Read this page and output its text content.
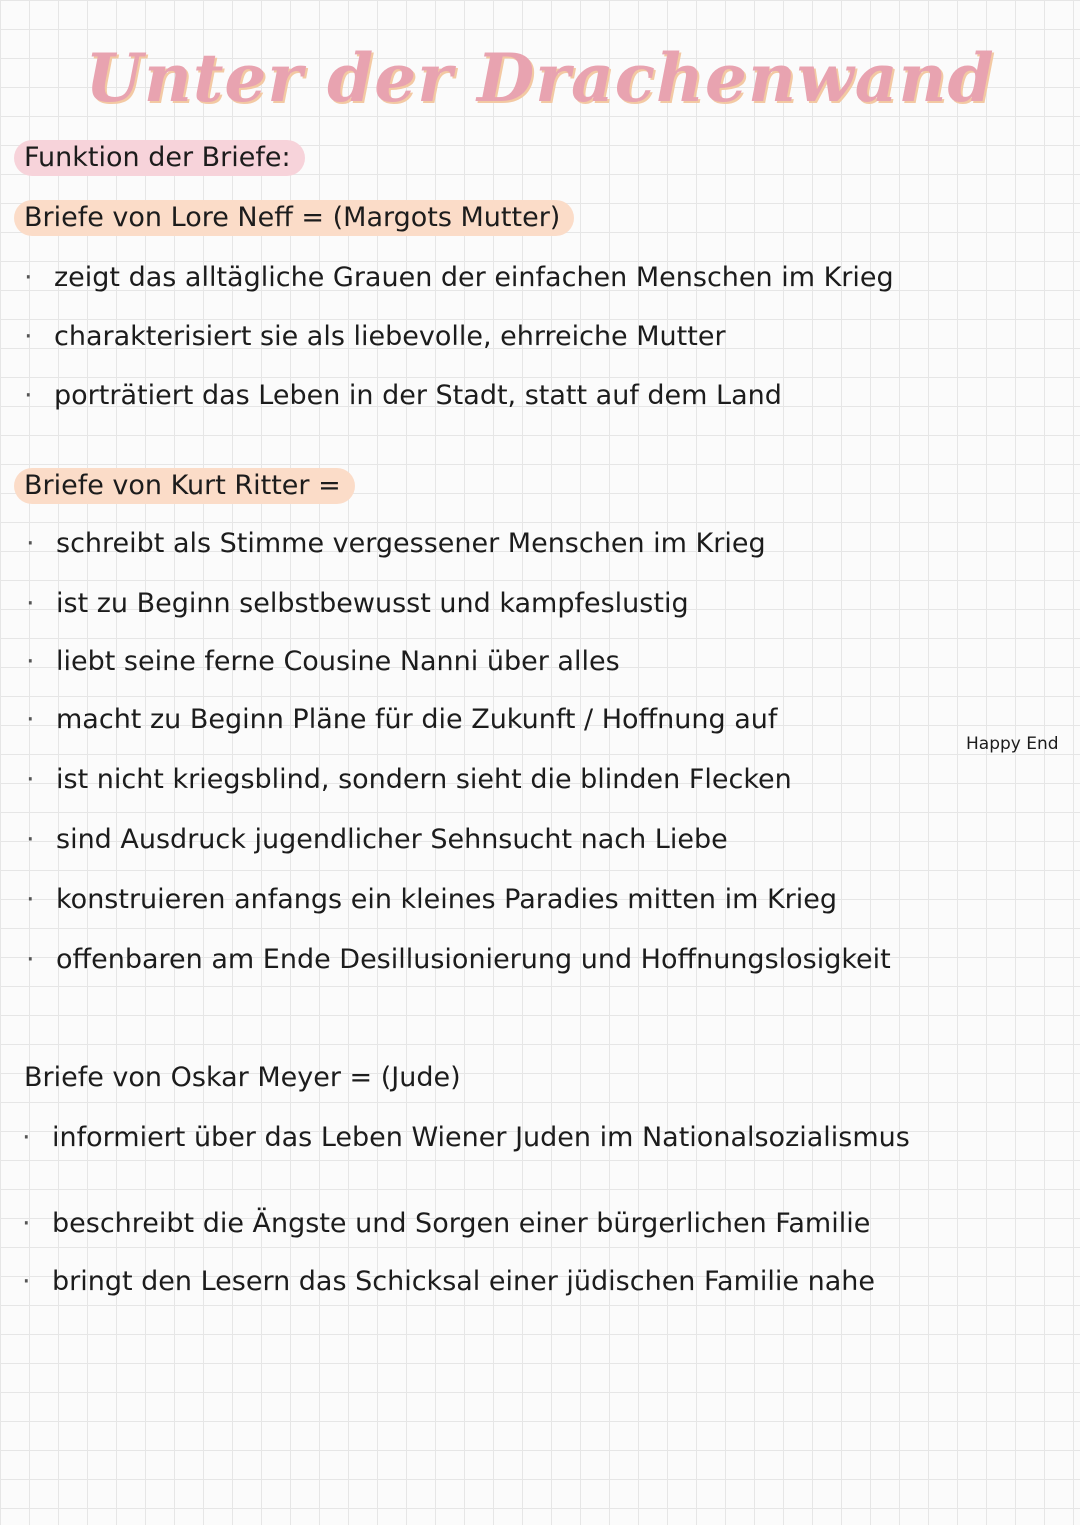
Unter der Drachenwand
Funktion der Briefe:
Briefe von Lore Neff = (Margots Mutter)
· zeigt das alltägliche Grauen der einfachen Menschen im Krieg
· charakterisiert sie als liebevolle, ehrreiche Mutter
· porträtiert das Leben in der Stadt, statt auf dem Land
Briefe von Kurt Ritter =
· schreibt als Stimme vergessener Menschen im Krieg
· ist zu Beginn selbstbewusst und kampfeslustig
· liebt seine ferne Cousine Nanni über alles
· macht zu Beginn Pläne für die Zukunft / Hoffnung auf
Happy End
· ist nicht kriegsblind, sondern sieht die blinden Flecken
· sind Ausdruck jugendlicher Sehnsucht nach Liebe
· konstruieren anfangs ein kleines Paradies mitten im Krieg
· offenbaren am Ende Desillusionierung und Hoffnungslosigkeit
Briefe von Oskar Meyer = (Jude)
· informiert über das Leben Wiener Juden im Nationalsozialismus
· beschreibt die Ängste und Sorgen einer bürgerlichen Familie
· bringt den Lesern das Schicksal einer jüdischen Familie nahe
